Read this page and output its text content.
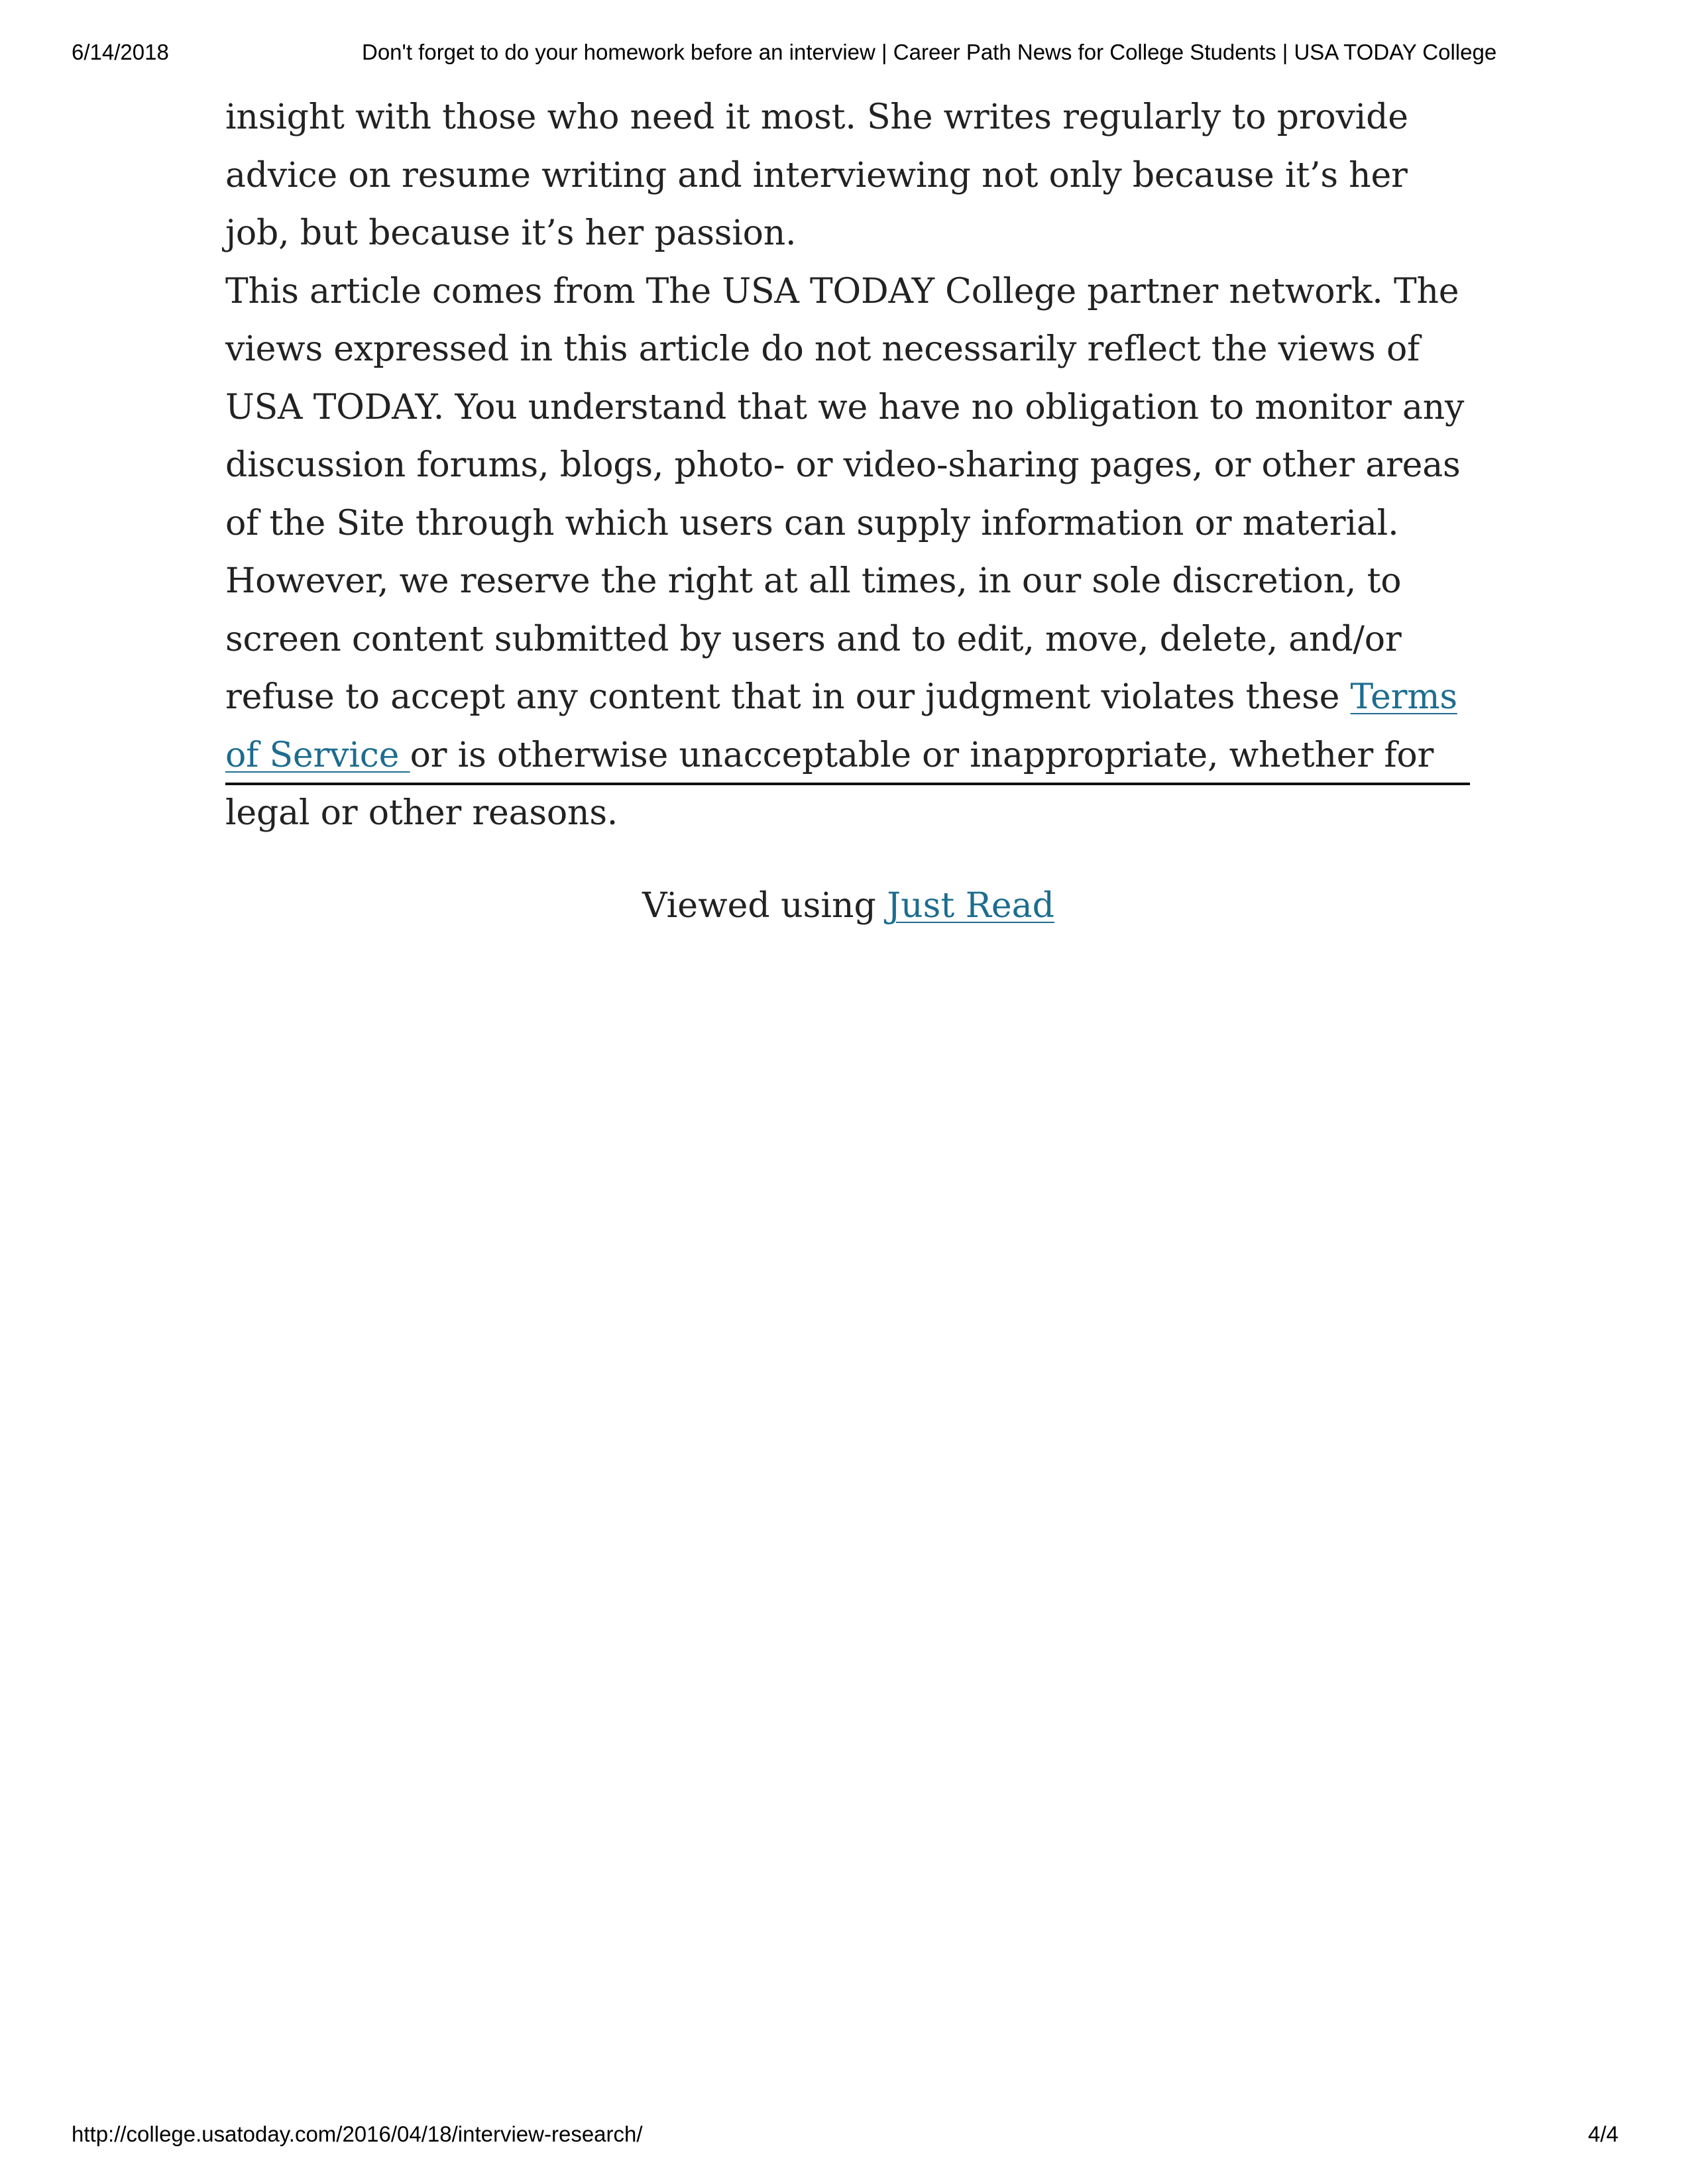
6/14/2018	Don't forget to do your homework before an interview | Career Path News for College Students | USA TODAY College

insight with those who need it most. She writes regularly to provide advice on resume writing and interviewing not only because it’s her job, but because it’s her passion.

This article comes from The USA TODAY College partner network. The views expressed in this article do not necessarily reflect the views of USA TODAY. You understand that we have no obligation to monitor any discussion forums, blogs, photo- or video-sharing pages, or other areas of the Site through which users can supply information or material. However, we reserve the right at all times, in our sole discretion, to screen content submitted by users and to edit, move, delete, and/or refuse to accept any content that in our judgment violates these Terms of Service or is otherwise unacceptable or inappropriate, whether for legal or other reasons.

Viewed using Just Read
http://college.usatoday.com/2016/04/18/interview-research/	4/4
